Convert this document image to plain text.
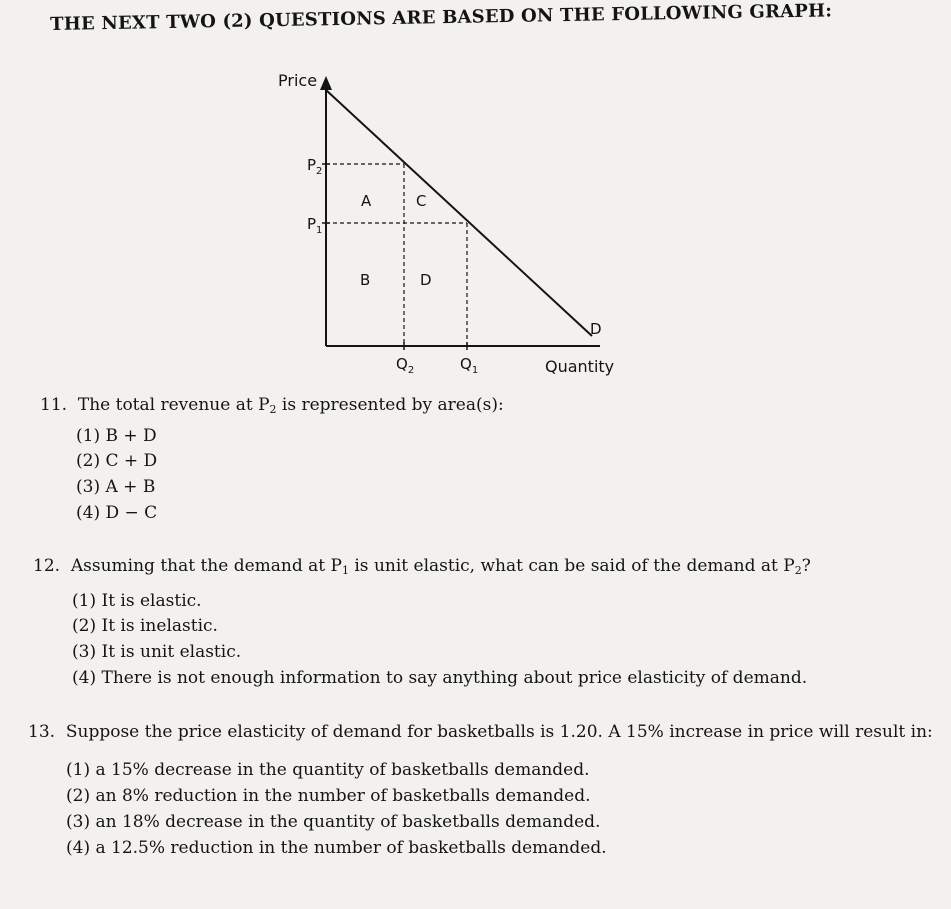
THE NEXT TWO (2) QUESTIONS ARE BASED ON THE FOLLOWING GRAPH:
Price
Quantity
$P_2$
$P_1$
$Q_2$	$Q_1$
A	C
B	D
D
11. The total revenue at $P_2$ is represented by area(s):
(1) B + D
(2) C + D
(3) A + B
(4) D − C
12. Assuming that the demand at $P_1$ is unit elastic, what can be said of the demand at $P_2$?
(1) It is elastic.
(2) It is inelastic.
(3) It is unit elastic.
(4) There is not enough information to say anything about price elasticity of demand.
13. Suppose the price elasticity of demand for basketballs is 1.20. A 15% increase in price will result in:
(1) a 15% decrease in the quantity of basketballs demanded.
(2) an 8% reduction in the number of basketballs demanded.
(3) an 18% decrease in the quantity of basketballs demanded.
(4) a 12.5% reduction in the number of basketballs demanded.
